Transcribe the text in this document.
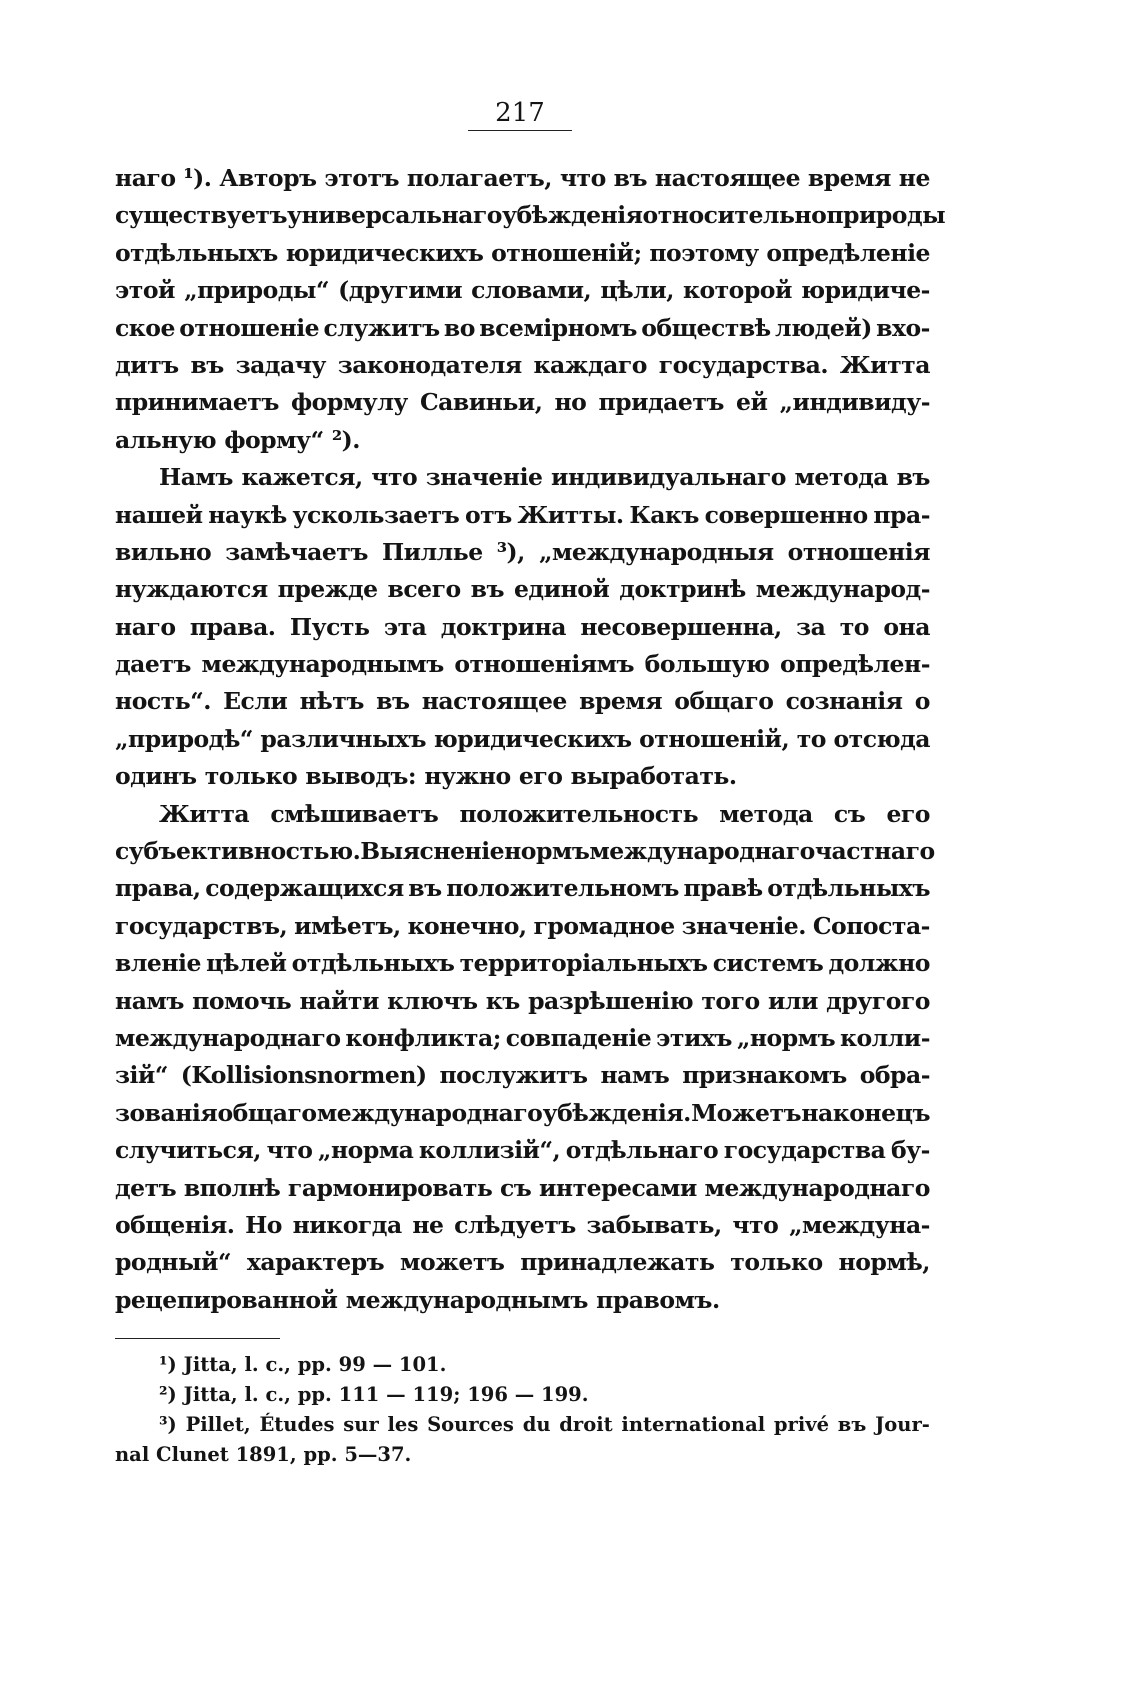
217
наго ¹). Авторъ этотъ полагаетъ, что въ настоящее время не
существуетъ универсальнаго убѣжденія относительно природы
отдѣльныхъ юридическихъ отношеній; поэтому опредѣленіе
этой „природы“ (другими словами, цѣли, которой юридиче-
ское отношеніе служитъ во всемірномъ обществѣ людей) вхо-
дитъ въ задачу законодателя каждаго государства. Житта
принимаетъ формулу Савиньи, но придаетъ ей „индивиду-
альную форму“ ²).
Намъ кажется, что значеніе индивидуальнаго метода въ
нашей наукѣ ускользаетъ отъ Житты. Какъ совершенно пра-
вильно замѣчаетъ Пилльe ³), „международныя отношенія
нуждаются прежде всего въ единой доктринѣ международ-
наго права. Пусть эта доктрина несовершенна, за то она
даетъ международнымъ отношеніямъ большую опредѣлен-
ность“. Если нѣтъ въ настоящее время общаго сознанія о
„природѣ“ различныхъ юридическихъ отношеній, то отсюда
одинъ только выводъ: нужно его выработать.
Житта смѣшиваетъ положительность метода съ его
субъективностью. Выясненіе нормъ международнаго частнаго
права, содержащихся въ положительномъ правѣ отдѣльныхъ
государствъ, имѣетъ, конечно, громадное значеніе. Сопоста-
вленіе цѣлей отдѣльныхъ территоріальныхъ системъ должно
намъ помочь найти ключъ къ разрѣшенію того или другого
международнаго конфликта; совпаденіе этихъ „нормъ колли-
зій“ (Kollisionsnormen) послужитъ намъ признакомъ обра-
зованія общаго международнаго убѣжденія. Можетъ наконецъ
случиться, что „норма коллизій“, отдѣльнаго государства бу-
детъ вполнѣ гармонировать съ интересами международнаго
общенія. Но никогда не слѣдуетъ забывать, что „междуна-
родный“ характеръ можетъ принадлежать только нормѣ,
рецепированной международнымъ правомъ.
¹) Jitta, l. c., pp. 99 — 101.
²) Jitta, l. c., pp. 111 — 119; 196 — 199.
³) Pillet, Études sur les Sources du droit international privé въ Jour-
nal Clunet 1891, pp. 5—37.
